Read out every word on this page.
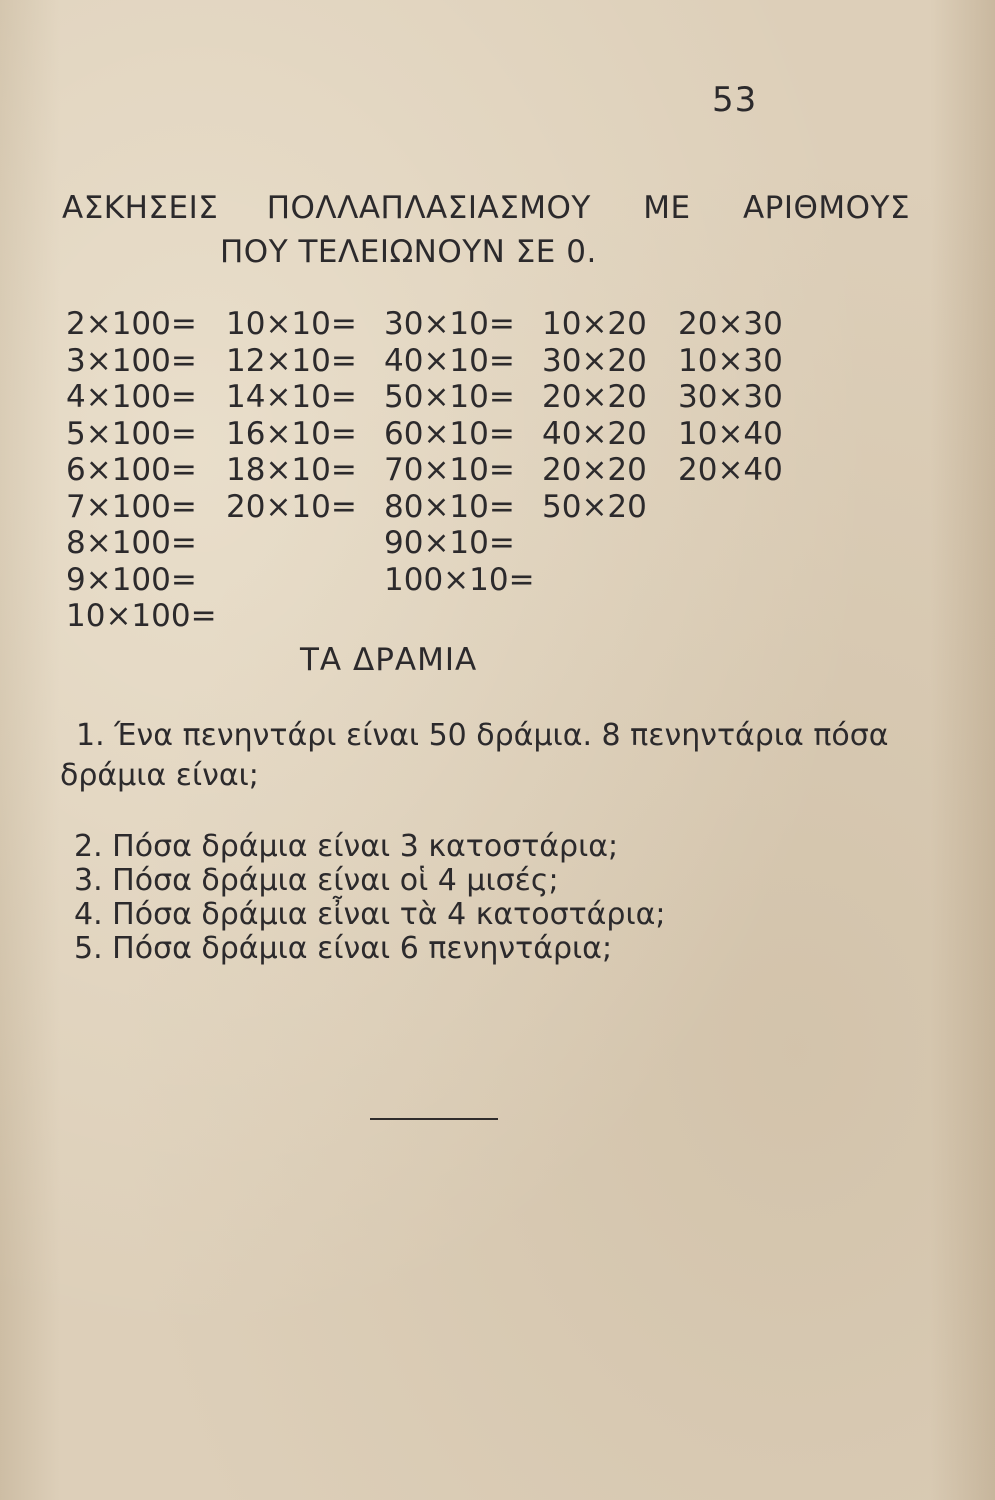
53
ΑΣΚΗΣΕΙΣ ΠΟΛΛΑΠΛΑΣΙΑΣΜΟΥ ΜΕ ΑΡΙΘΜΟΥΣ
ΠΟΥ ΤΕΛΕΙΩΝΟΥΝ ΣΕ 0.
2×100=
3×100=
4×100=
5×100=
6×100=
7×100=
8×100=
9×100=
10×100=
10×10=
12×10=
14×10=
16×10=
18×10=
20×10=
30×10=
40×10=
50×10=
60×10=
70×10=
80×10=
90×10=
100×10=
10×20
30×20
20×20
40×20
20×20
50×20
20×30
10×30
30×30
10×40
20×40
ΤΑ ΔΡΑΜΙΑ
1. Ένα πενηντάρι είναι 50 δράμια. 8 πενηντάρια πόσα
δράμια είναι;
2. Πόσα δράμια είναι 3 κατοστάρια;
3. Πόσα δράμια είναι οἱ 4 μισές;
4. Πόσα δράμια εἶναι τὰ 4 κατοστάρια;
5. Πόσα δράμια είναι 6 πενηντάρια;
